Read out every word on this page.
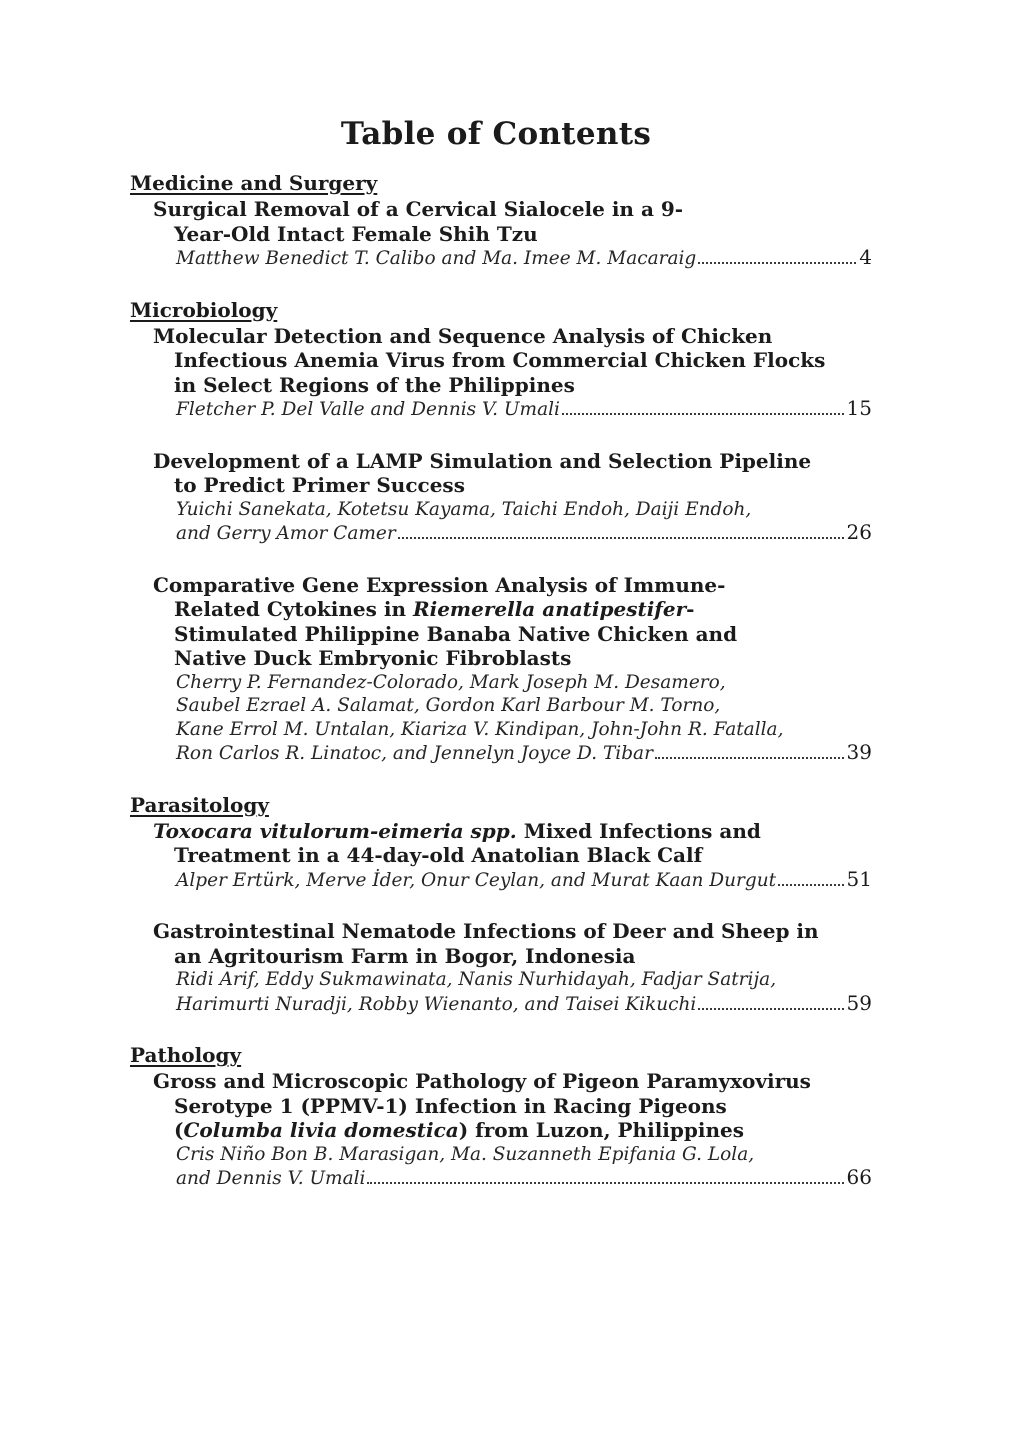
Table of Contents
Medicine and Surgery
Surgical Removal of a Cervical Sialocele in a 9-
Year-Old Intact Female Shih Tzu
Matthew Benedict T. Calibo and Ma. Imee M. Macaraig	4
Microbiology
Molecular Detection and Sequence Analysis of Chicken
Infectious Anemia Virus from Commercial Chicken Flocks
in Select Regions of the Philippines
Fletcher P. Del Valle and Dennis V. Umali	15
Development of a LAMP Simulation and Selection Pipeline
to Predict Primer Success
Yuichi Sanekata, Kotetsu Kayama, Taichi Endoh, Daiji Endoh,
and Gerry Amor Camer	26
Comparative Gene Expression Analysis of Immune-
Related Cytokines in Riemerella anatipestifer-
Stimulated Philippine Banaba Native Chicken and
Native Duck Embryonic Fibroblasts
Cherry P. Fernandez-Colorado, Mark Joseph M. Desamero,
Saubel Ezrael A. Salamat, Gordon Karl Barbour M. Torno,
Kane Errol M. Untalan, Kiariza V. Kindipan, John-John R. Fatalla,
Ron Carlos R. Linatoc, and Jennelyn Joyce D. Tibar	39
Parasitology
Toxocara vitulorum-eimeria spp. Mixed Infections and
Treatment in a 44-day-old Anatolian Black Calf
Alper Ertürk, Merve İder, Onur Ceylan, and Murat Kaan Durgut	51
Gastrointestinal Nematode Infections of Deer and Sheep in
an Agritourism Farm in Bogor, Indonesia
Ridi Arif, Eddy Sukmawinata, Nanis Nurhidayah, Fadjar Satrija,
Harimurti Nuradji, Robby Wienanto, and Taisei Kikuchi	59
Pathology
Gross and Microscopic Pathology of Pigeon Paramyxovirus
Serotype 1 (PPMV-1) Infection in Racing Pigeons
(Columba livia domestica) from Luzon, Philippines
Cris Niño Bon B. Marasigan, Ma. Suzanneth Epifania G. Lola,
and Dennis V. Umali	66
